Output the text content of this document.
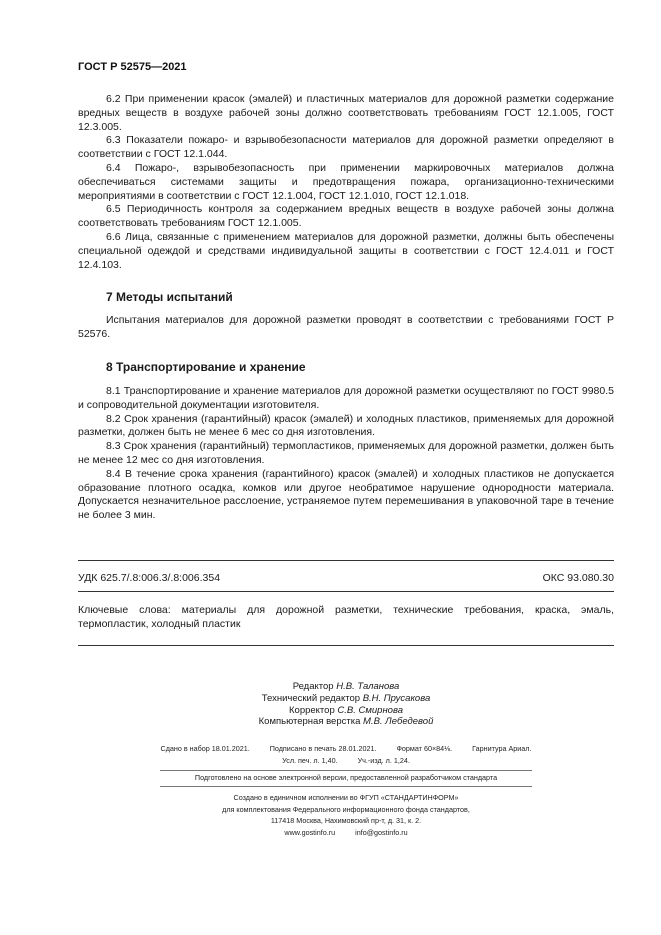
ГОСТ Р 52575—2021

6.2 При применении красок (эмалей) и пластичных материалов для дорожной разметки содержание вредных веществ в воздухе рабочей зоны должно соответствовать требованиям ГОСТ 12.1.005, ГОСТ 12.3.005.

6.3 Показатели пожаро- и взрывобезопасности материалов для дорожной разметки определяют в соответствии с ГОСТ 12.1.044.

6.4 Пожаро-, взрывобезопасность при применении маркировочных материалов должна обеспечиваться системами защиты и предотвращения пожара, организационно-техническими мероприятиями в соответствии с ГОСТ 12.1.004, ГОСТ 12.1.010, ГОСТ 12.1.018.

6.5 Периодичность контроля за содержанием вредных веществ в воздухе рабочей зоны должна соответствовать требованиям ГОСТ 12.1.005.

6.6 Лица, связанные с применением материалов для дорожной разметки, должны быть обеспечены специальной одеждой и средствами индивидуальной защиты в соответствии с ГОСТ 12.4.011 и ГОСТ 12.4.103.

7 Методы испытаний

Испытания материалов для дорожной разметки проводят в соответствии с требованиями ГОСТ Р 52576.

8 Транспортирование и хранение

8.1 Транспортирование и хранение материалов для дорожной разметки осуществляют по ГОСТ 9980.5 и сопроводительной документации изготовителя.

8.2 Срок хранения (гарантийный) красок (эмалей) и холодных пластиков, применяемых для дорожной разметки, должен быть не менее 6 мес со дня изготовления.

8.3 Срок хранения (гарантийный) термопластиков, применяемых для дорожной разметки, должен быть не менее 12 мес со дня изготовления.

8.4 В течение срока хранения (гарантийного) красок (эмалей) и холодных пластиков не допускается образование плотного осадка, комков или другое необратимое нарушение однородности материала. Допускается незначительное расслоение, устраняемое путем перемешивания в упаковочной таре в течение не более 3 мин.

УДК 625.7/.8:006.3/.8:006.354	ОКС 93.080.30
Ключевые слова: материалы для дорожной разметки, технические требования, краска, эмаль, термопластик, холодный пластик
Редактор Н.В. Таланова
Технический редактор В.Н. Прусакова
Корректор С.В. Смирнова
Компьютерная верстка М.В. Лебедевой
Сдано в набор 18.01.2021.	Подписано в печать 28.01.2021.	Формат 60×84⅛.	Гарнитура Ариал.
Усл. печ. л. 1,40.	Уч.-изд. л. 1,24.
Подготовлено на основе электронной версии, предоставленной разработчиком стандарта
Создано в единичном исполнении во ФГУП «СТАНДАРТИНФОРМ»
для комплектования Федерального информационного фонда стандартов,
117418 Москва, Нахимовский пр-т, д. 31, к. 2.
www.gostinfo.ru	info@gostinfo.ru
